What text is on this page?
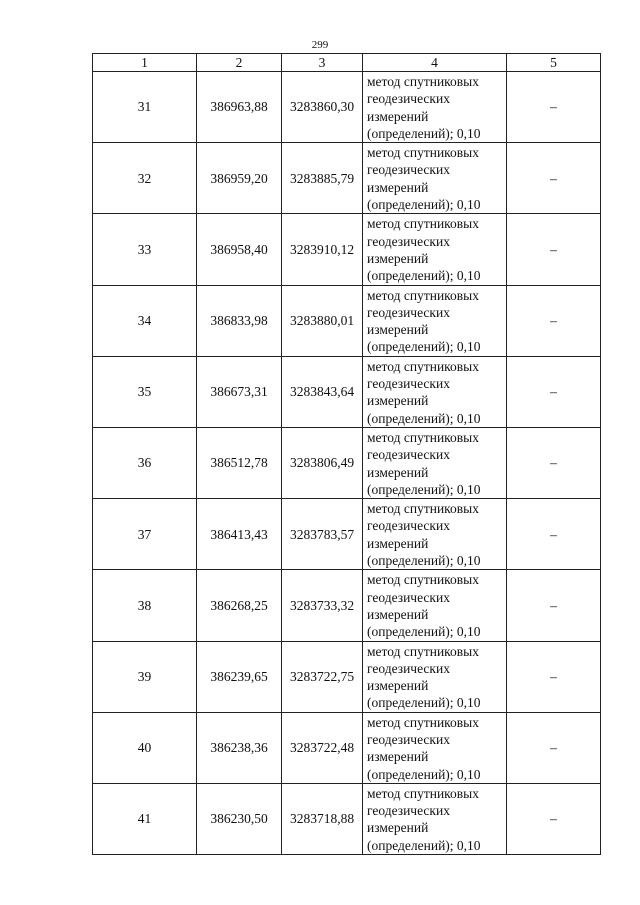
299
1	2	3	4	5
31	386963,88	3283860,30	метод спутниковых
геодезических
измерений
(определений); 0,10	–
32	386959,20	3283885,79	метод спутниковых
геодезических
измерений
(определений); 0,10	–
33	386958,40	3283910,12	метод спутниковых
геодезических
измерений
(определений); 0,10	–
34	386833,98	3283880,01	метод спутниковых
геодезических
измерений
(определений); 0,10	–
35	386673,31	3283843,64	метод спутниковых
геодезических
измерений
(определений); 0,10	–
36	386512,78	3283806,49	метод спутниковых
геодезических
измерений
(определений); 0,10	–
37	386413,43	3283783,57	метод спутниковых
геодезических
измерений
(определений); 0,10	–
38	386268,25	3283733,32	метод спутниковых
геодезических
измерений
(определений); 0,10	–
39	386239,65	3283722,75	метод спутниковых
геодезических
измерений
(определений); 0,10	–
40	386238,36	3283722,48	метод спутниковых
геодезических
измерений
(определений); 0,10	–
41	386230,50	3283718,88	метод спутниковых
геодезических
измерений
(определений); 0,10	–
